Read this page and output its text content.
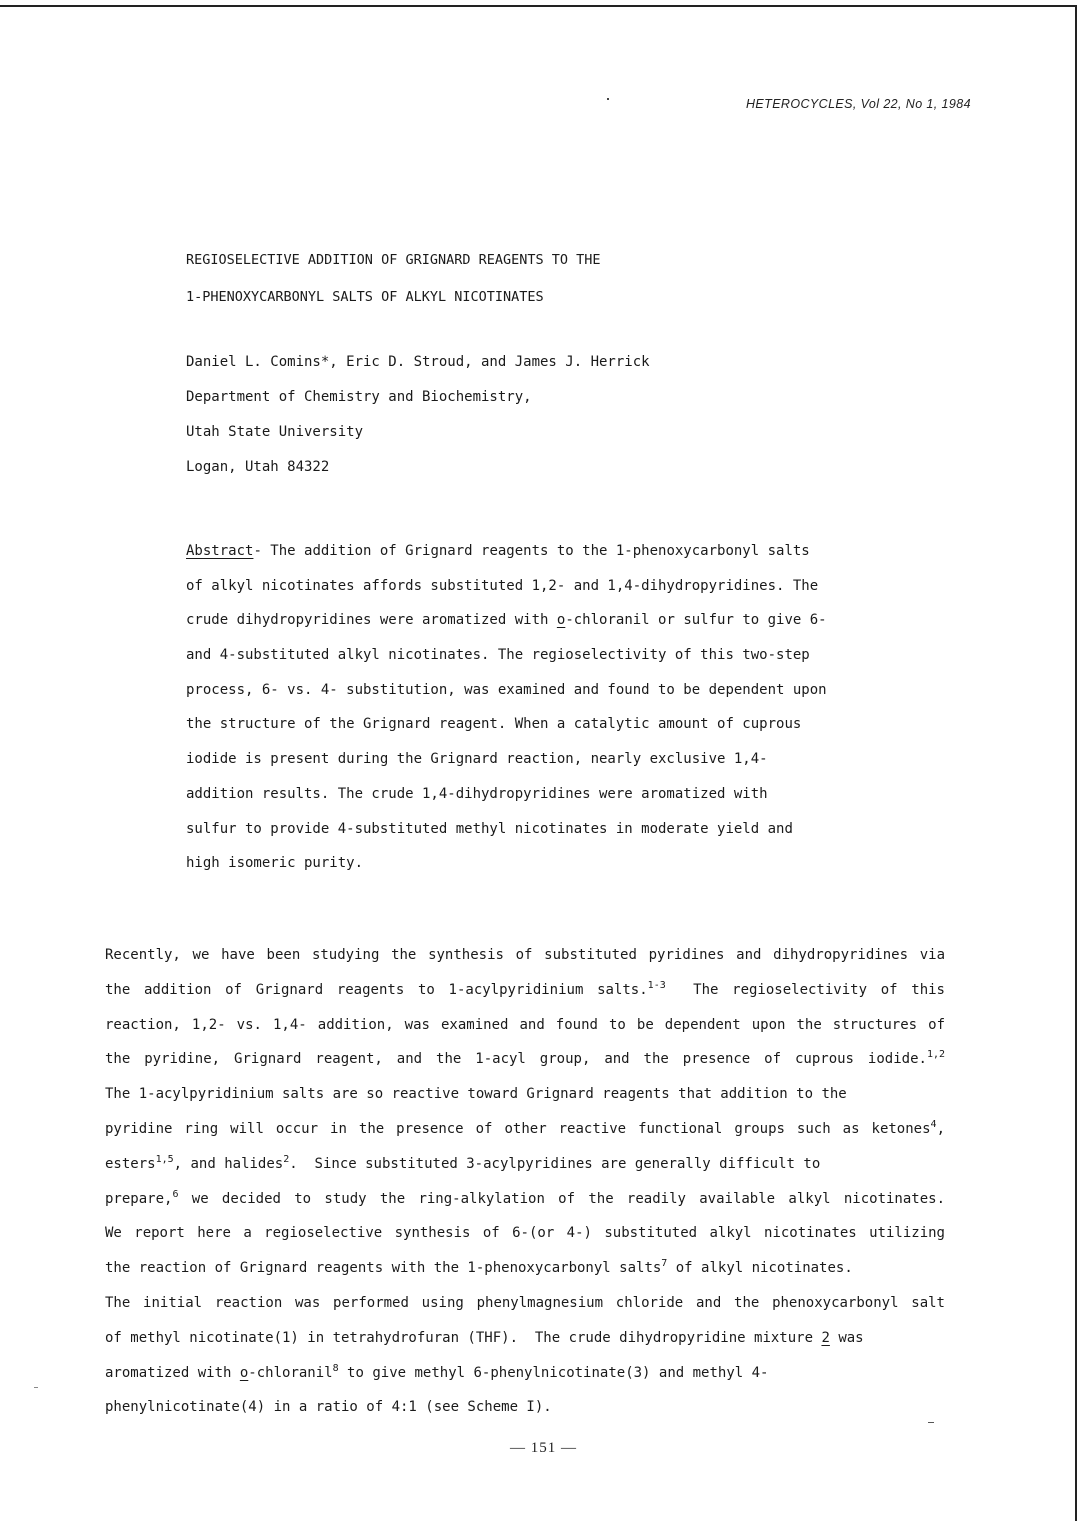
HETEROCYCLES, Vol 22, No 1, 1984
REGIOSELECTIVE ADDITION OF GRIGNARD REAGENTS TO THE
1-PHENOXYCARBONYL SALTS OF ALKYL NICOTINATES
Daniel L. Comins*, Eric D. Stroud, and James J. Herrick
Department of Chemistry and Biochemistry,
Utah State University
Logan, Utah 84322
Abstract- The addition of Grignard reagents to the 1-phenoxycarbonyl salts
of alkyl nicotinates affords substituted 1,2- and 1,4-dihydropyridines. The
crude dihydropyridines were aromatized with o-chloranil or sulfur to give 6-
and 4-substituted alkyl nicotinates. The regioselectivity of this two-step
process, 6- vs. 4- substitution, was examined and found to be dependent upon
the structure of the Grignard reagent. When a catalytic amount of cuprous
iodide is present during the Grignard reaction, nearly exclusive 1,4-
addition results. The crude 1,4-dihydropyridines were aromatized with
sulfur to provide 4-substituted methyl nicotinates in moderate yield and
high isomeric purity.
Recently, we have been studying the synthesis of substituted pyridines and dihydropyridines via
the addition of Grignard reagents to 1-acylpyridinium salts.$^{1-3}$  The regioselectivity of this
reaction, 1,2- vs. 1,4- addition, was examined and found to be dependent upon the structures of
the pyridine, Grignard reagent, and the 1-acyl group, and the presence of cuprous iodide.$^{1,2}$
The 1-acylpyridinium salts are so reactive toward Grignard reagents that addition to the
pyridine ring will occur in the presence of other reactive functional groups such as ketones$^4$,
esters$^{1,5}$, and halides$^2$.  Since substituted 3-acylpyridines are generally difficult to
prepare,$^6$ we decided to study the ring-alkylation of the readily available alkyl nicotinates.
We report here a regioselective synthesis of 6-(or 4-) substituted alkyl nicotinates utilizing
the reaction of Grignard reagents with the 1-phenoxycarbonyl salts$^7$ of alkyl nicotinates.
The initial reaction was performed using phenylmagnesium chloride and the phenoxycarbonyl salt
of methyl nicotinate(1) in tetrahydrofuran (THF).  The crude dihydropyridine mixture 2 was
aromatized with o-chloranil$^8$ to give methyl 6-phenylnicotinate(3) and methyl 4-
phenylnicotinate(4) in a ratio of 4:1 (see Scheme I).
— 151 —
